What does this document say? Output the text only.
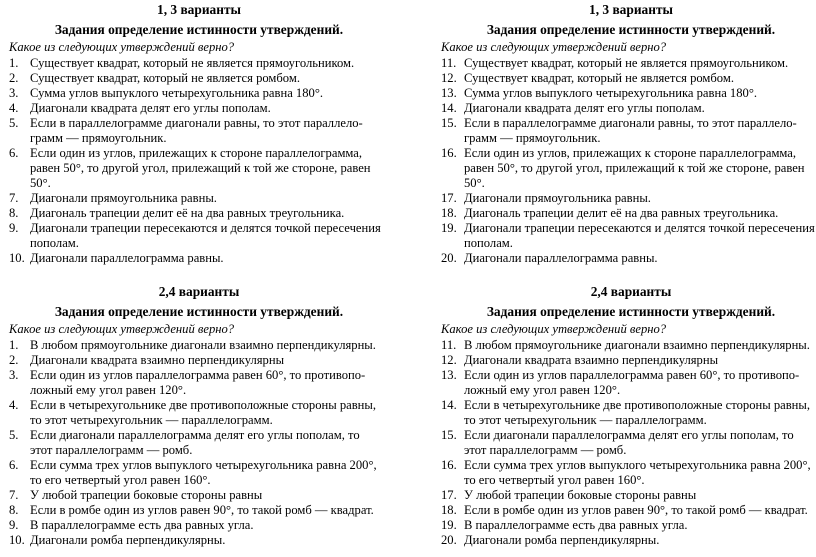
1, 3 варианты

Задания определение истинности утверждений.

Какое из следующих утверждений верно?

1. Существует квадрат, который не является прямоугольником.
2. Существует квадрат, который не является ромбом.
3. Сумма углов выпуклого четырехугольника равна 180°.
4. Диагонали квадрата делят его углы пополам.
5. Если в параллелограмме диагонали равны, то этот параллело-
грамм — прямоугольник.
6. Если один из углов, прилежащих к стороне параллелограмма,
равен 50°, то другой угол, прилежащий к той же стороне, равен
50°.
7. Диагонали прямоугольника равны.
8. Диагональ трапеции делит её на два равных треугольника.
9. Диагонали трапеции пересекаются и делятся точкой пересечения
пополам.
10. Диагонали параллелограмма равны.

1, 3 варианты

Задания определение истинности утверждений.

Какое из следующих утверждений верно?

11. Существует квадрат, который не является прямоугольником.
12. Существует квадрат, который не является ромбом.
13. Сумма углов выпуклого четырехугольника равна 180°.
14. Диагонали квадрата делят его углы пополам.
15. Если в параллелограмме диагонали равны, то этот параллело-
грамм — прямоугольник.
16. Если один из углов, прилежащих к стороне параллелограмма,
равен 50°, то другой угол, прилежащий к той же стороне, равен
50°.
17. Диагонали прямоугольника равны.
18. Диагональ трапеции делит её на два равных треугольника.
19. Диагонали трапеции пересекаются и делятся точкой пересечения
пополам.
20. Диагонали параллелограмма равны.

2,4 варианты

Задания определение истинности утверждений.

Какое из следующих утверждений верно?

1. В любом прямоугольнике диагонали взаимно перпендикулярны.
2. Диагонали квадрата взаимно перпендикулярны
3. Если один из углов параллелограмма равен 60°, то противопо-
ложный ему угол равен 120°.
4. Если в четырехугольнике две противоположные стороны равны,
то этот четырехугольник — параллелограмм.
5. Если диагонали параллелограмма делят его углы пополам, то
этот параллелограмм — ромб.
6. Если сумма трех углов выпуклого четырехугольника равна 200°,
то его четвертый угол равен 160°.
7. У любой трапеции боковые стороны равны
8. Если в ромбе один из углов равен 90°, то такой ромб — квадрат.
9. В параллелограмме есть два равных угла.
10. Диагонали ромба перпендикулярны.

2,4 варианты

Задания определение истинности утверждений.

Какое из следующих утверждений верно?

11. В любом прямоугольнике диагонали взаимно перпендикулярны.
12. Диагонали квадрата взаимно перпендикулярны
13. Если один из углов параллелограмма равен 60°, то противопо-
ложный ему угол равен 120°.
14. Если в четырехугольнике две противоположные стороны равны,
то этот четырехугольник — параллелограмм.
15. Если диагонали параллелограмма делят его углы пополам, то
этот параллелограмм — ромб.
16. Если сумма трех углов выпуклого четырехугольника равна 200°,
то его четвертый угол равен 160°.
17. У любой трапеции боковые стороны равны
18. Если в ромбе один из углов равен 90°, то такой ромб — квадрат.
19. В параллелограмме есть два равных угла.
20. Диагонали ромба перпендикулярны.
